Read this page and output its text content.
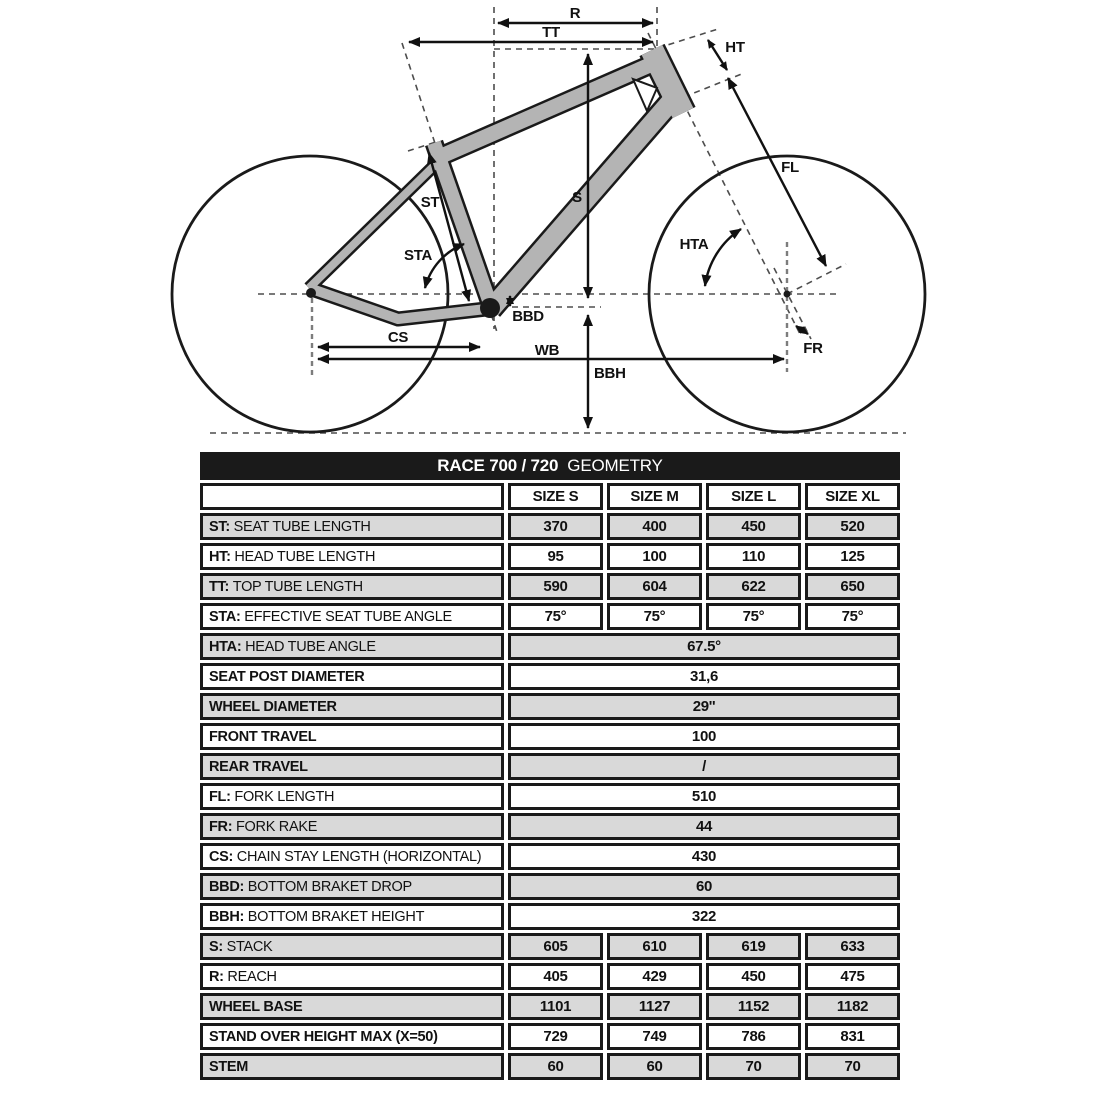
R
TT
HT
ST
STA
S
HTA
FL
FR
BBD
CS
WB
BBH
RACE 700 / 720 GEOMETRY
SIZE S	SIZE M	SIZE L	SIZE XL
ST: SEAT TUBE LENGTH	370	400	450	520
HT: HEAD TUBE LENGTH	95	100	110	125
TT: TOP TUBE LENGTH	590	604	622	650
STA: EFFECTIVE SEAT TUBE ANGLE	75°	75°	75°	75°
HTA: HEAD TUBE ANGLE	67.5°
SEAT POST DIAMETER	31,6
WHEEL DIAMETER	29''
FRONT TRAVEL	100
REAR TRAVEL	/
FL: FORK LENGTH	510
FR: FORK RAKE	44
CS: CHAIN STAY LENGTH (HORIZONTAL)	430
BBD: BOTTOM BRAKET DROP	60
BBH: BOTTOM BRAKET HEIGHT	322
S: STACK	605	610	619	633
R: REACH	405	429	450	475
WHEEL BASE	1101	1127	1152	1182
STAND OVER HEIGHT MAX (X=50)	729	749	786	831
STEM	60	60	70	70
